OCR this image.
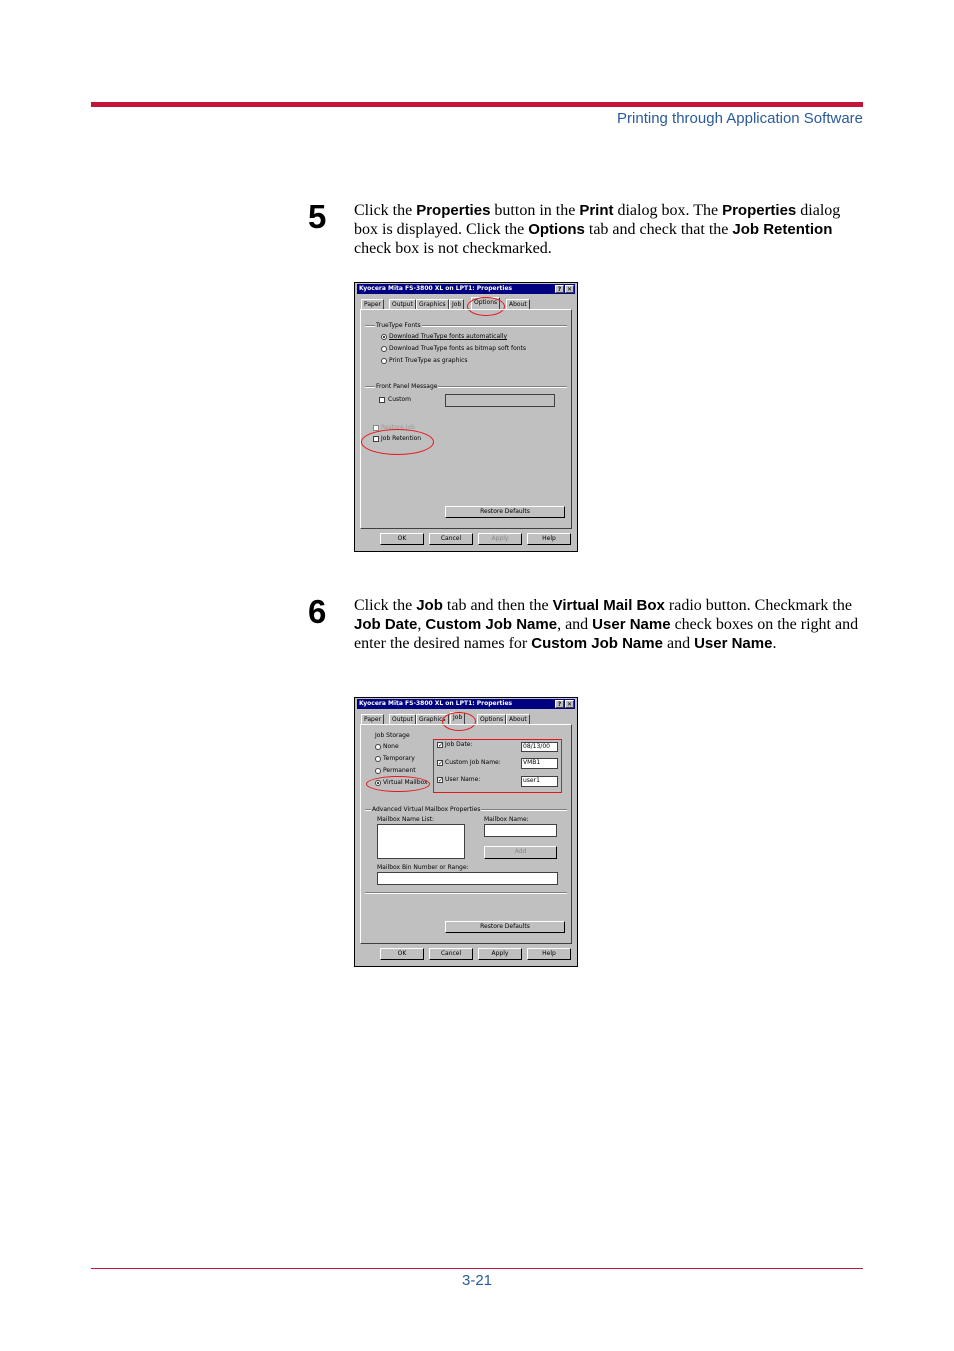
Printing through Application Software
5 Click the Properties button in the Print dialog box. The Properties dialog box is displayed. Click the Options tab and check that the Job Retention check box is not checkmarked.
Kyocera Mita FS-3800 XL on LPT1: Properties	? ✕
Paper	Output	Graphics	Job	Options	About
TrueType Fonts
Download TrueType fonts automatically
Download TrueType fonts as bitmap soft fonts
Print TrueType as graphics
Front Panel Message
Custom
Restore Job
Job Retention
Restore Defaults
OK	Cancel	Apply	Help
6 Click the Job tab and then the Virtual Mail Box radio button. Checkmark the Job Date, Custom Job Name, and User Name check boxes on the right and enter the desired names for Custom Job Name and User Name.
Kyocera Mita FS-3800 XL on LPT1: Properties	? ✕
Paper	Output	Graphics	Job	Options About
Job Storage
None
Temporary
Permanent
Virtual Mailbox
✓ Job Date:	08/13/00
✓ Custom Job Name:	VMB1
✓ User Name:	user1
Advanced Virtual Mailbox Properties
Mailbox Name List:	Mailbox Name:
Add
Mailbox Bin Number or Range:
Restore Defaults
OK	Cancel	Apply	Help
3-21
